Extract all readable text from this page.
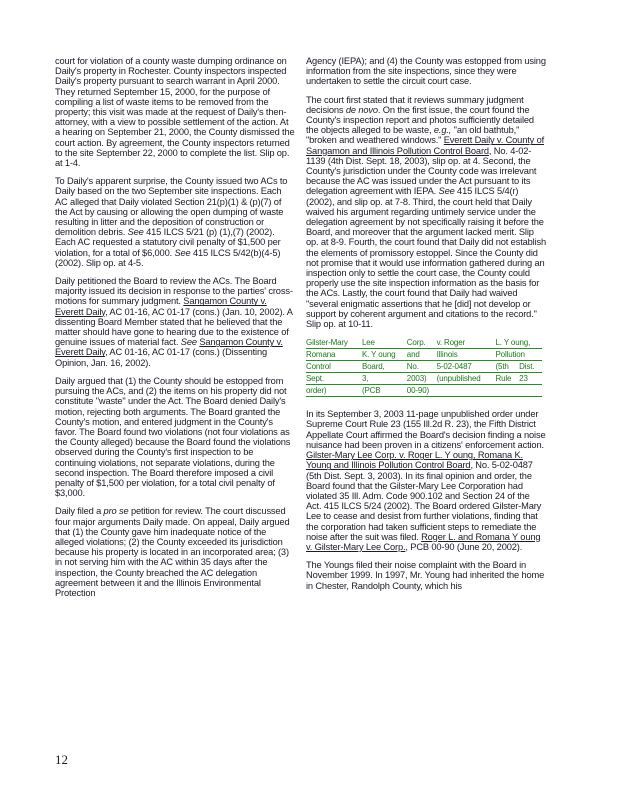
court for violation of a county waste dumping ordinance on Daily's property in Rochester. County inspectors inspected Daily's property pursuant to search warrant in April 2000. They returned September 15, 2000, for the purpose of compiling a list of waste items to be removed from the property; this visit was made at the request of Daily's then-attorney, with a view to possible settlement of the action. At a hearing on September 21, 2000, the County dismissed the court action. By agreement, the County inspectors returned to the site September 22, 2000 to complete the list. Slip op. at 1-4.

To Daily's apparent surprise, the County issued two ACs to Daily based on the two September site inspections. Each AC alleged that Daily violated Section 21(p)(1) & (p)(7) of the Act by causing or allowing the open dumping of waste resulting in litter and the deposition of construction or demolition debris. See 415 ILCS 5/21 (p) (1),(7) (2002). Each AC requested a statutory civil penalty of $1,500 per violation, for a total of $6,000. See 415 ILCS 5/42(b)(4-5) (2002). Slip op. at 4-5.

Daily petitioned the Board to review the ACs. The Board majority issued its decision in response to the parties' cross-motions for summary judgment. Sangamon County v. Everett Daily, AC 01-16, AC 01-17 (cons.) (Jan. 10, 2002). A dissenting Board Member stated that he believed that the matter should have gone to hearing due to the existence of genuine issues of material fact. See Sangamon County v. Everett Daily, AC 01-16, AC 01-17 (cons.) (Dissenting Opinion, Jan. 16, 2002).

Daily argued that (1) the County should be estopped from pursuing the ACs, and (2) the items on his property did not constitute "waste" under the Act. The Board denied Daily's motion, rejecting both arguments. The Board granted the County's motion, and entered judgment in the County's favor. The Board found two violations (not four violations as the County alleged) because the Board found the violations observed during the County's first inspection to be continuing violations, not separate violations, during the second inspection. The Board therefore imposed a civil penalty of $1,500 per violation, for a total civil penalty of $3,000.

Daily filed a pro se petition for review. The court discussed four major arguments Daily made. On appeal, Daily argued that (1) the County gave him inadequate notice of the alleged violations; (2) the County exceeded its jurisdiction because his property is located in an incorporated area; (3) in not serving him with the AC within 35 days after the inspection, the County breached the AC delegation agreement between it and the Illinois Environmental Protection

Agency (IEPA); and (4) the County was estopped from using information from the site inspections, since they were undertaken to settle the circuit court case.

The court first stated that it reviews summary judgment decisions de novo. On the first issue, the court found the County's inspection report and photos sufficiently detailed the objects alleged to be waste, e.g., "an old bathtub," "broken and weathered windows." Everett Daily v. County of Sangamon and Illinois Pollution Control Board, No. 4-02-1139 (4th Dist. Sept. 18, 2003), slip op. at 4. Second, the County's jurisdiction under the County code was irrelevant because the AC was issued under the Act pursuant to its delegation agreement with IEPA. See 415 ILCS 5/4(r) (2002), and slip op. at 7-8. Third, the court held that Daily waived his argument regarding untimely service under the delegation agreement by not specifically raising it before the Board, and moreover that the argument lacked merit. Slip op. at 8-9. Fourth, the court found that Daily did not establish the elements of promissory estoppel. Since the County did not promise that it would use information gathered during an inspection only to settle the court case, the County could properly use the site inspection information as the basis for the ACs. Lastly, the court found that Daily had waived "several enigmatic assertions that he [did] not develop or support by coherent argument and citations to the record." Slip op. at 10-11.

Gilster-Mary	Lee	Corp.	v. Roger	L. Y oung,	
Romana	K. Y oung	and	Illinois	Pollution	
Control	Board,	No.	5-02-0487	(5th	Dist.
Sept.	3,	2003)	(unpublished	Rule	23
order)	(PCB	00-90)			

In its September 3, 2003 11-page unpublished order under Supreme Court Rule 23 (155 Ill.2d R. 23), the Fifth District Appellate Court affirmed the Board's decision finding a noise nuisance had been proven in a citizens' enforcement action. Gilster-Mary Lee Corp. v. Roger L. Y oung, Romana K. Young and Illinois Pollution Control Board, No. 5-02-0487 (5th Dist. Sept. 3, 2003). In its final opinion and order, the Board found that the Gilster-Mary Lee Corporation had violated 35 Ill. Adm. Code 900.102 and Section 24 of the Act. 415 ILCS 5/24 (2002). The Board ordered Gilster-Mary Lee to cease and desist from further violations, finding that the corporation had taken sufficient steps to remediate the noise after the suit was filed. Roger L. and Romana Y oung v. Gilster-Mary Lee Corp., PCB 00-90 (June 20, 2002).

The Youngs filed their noise complaint with the Board in November 1999. In 1997, Mr. Young had inherited the home in Chester, Randolph County, which his

12
